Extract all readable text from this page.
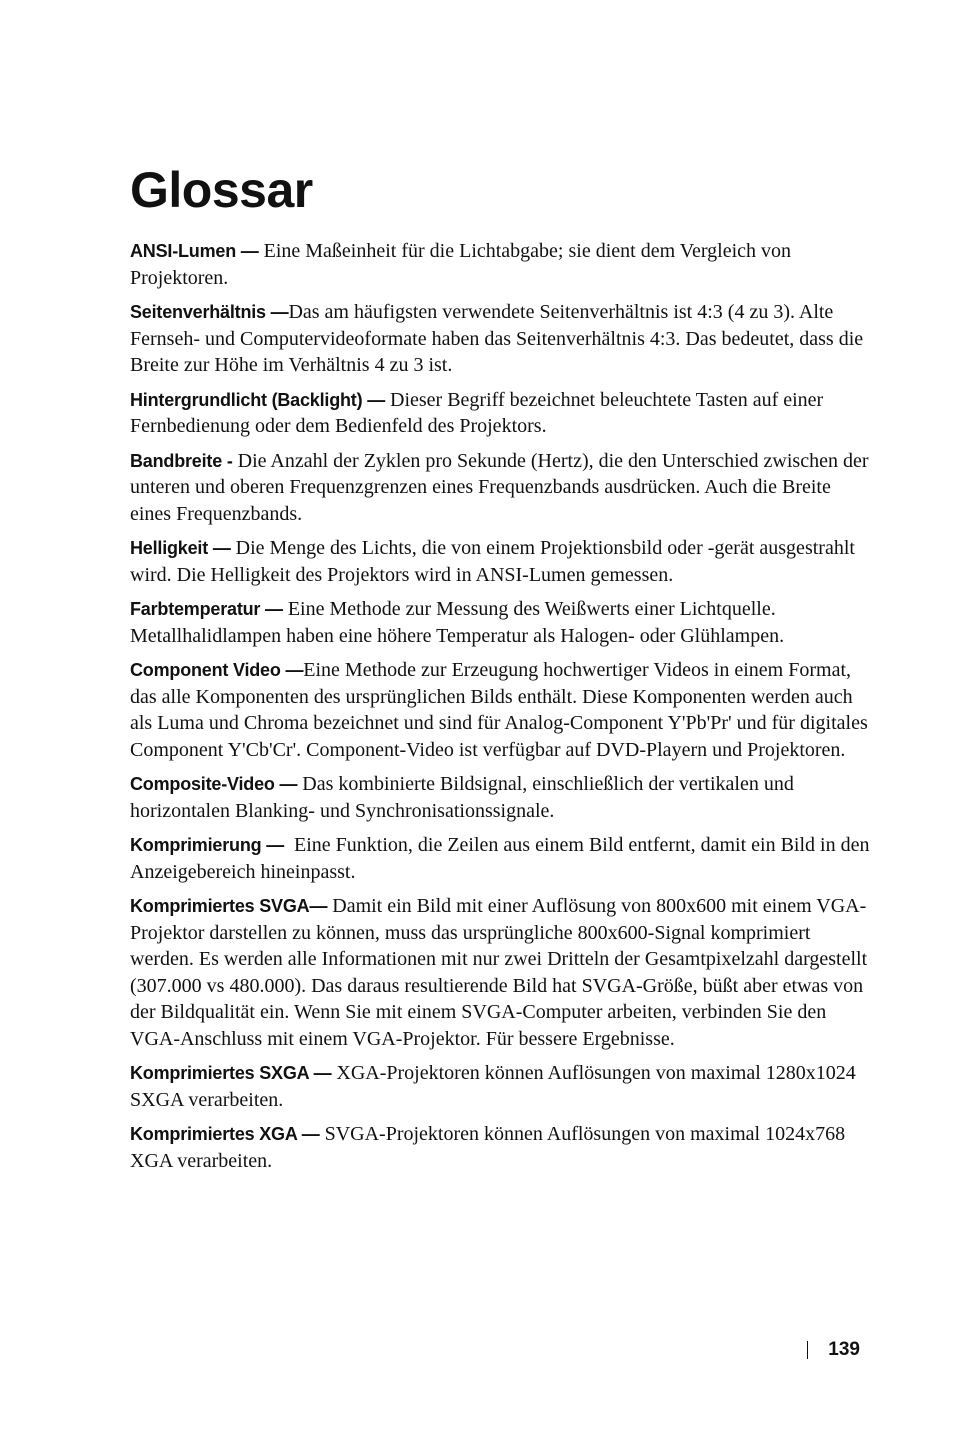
Glossar

ANSI-Lumen — Eine Maßeinheit für die Lichtabgabe; sie dient dem Vergleich von Projektoren.

Seitenverhältnis —Das am häufigsten verwendete Seitenverhältnis ist 4:3 (4 zu 3). Alte Fernseh- und Computervideoformate haben das Seitenverhältnis 4:3. Das bedeutet, dass die Breite zur Höhe im Verhältnis 4 zu 3 ist.

Hintergrundlicht (Backlight) — Dieser Begriff bezeichnet beleuchtete Tasten auf einer Fernbedienung oder dem Bedienfeld des Projektors.

Bandbreite - Die Anzahl der Zyklen pro Sekunde (Hertz), die den Unterschied zwischen der unteren und oberen Frequenzgrenzen eines Frequenzbands ausdrücken. Auch die Breite eines Frequenzbands.

Helligkeit — Die Menge des Lichts, die von einem Projektionsbild oder -gerät ausgestrahlt wird. Die Helligkeit des Projektors wird in ANSI-Lumen gemessen.

Farbtemperatur — Eine Methode zur Messung des Weißwerts einer Lichtquelle. Metallhalidlampen haben eine höhere Temperatur als Halogen- oder Glühlampen.

Component Video —Eine Methode zur Erzeugung hochwertiger Videos in einem Format, das alle Komponenten des ursprünglichen Bilds enthält. Diese Komponenten werden auch als Luma und Chroma bezeichnet und sind für Analog-Component Y'Pb'Pr' und für digitales Component Y'Cb'Cr'. Component-Video ist verfügbar auf DVD-Playern und Projektoren.

Composite-Video — Das kombinierte Bildsignal, einschließlich der vertikalen und horizontalen Blanking- und Synchronisationssignale.

Komprimierung —  Eine Funktion, die Zeilen aus einem Bild entfernt, damit ein Bild in den Anzeigebereich hineinpasst.

Komprimiertes SVGA— Damit ein Bild mit einer Auflösung von 800x600 mit einem VGA-Projektor darstellen zu können, muss das ursprüngliche 800x600-Signal komprimiert werden. Es werden alle Informationen mit nur zwei Dritteln der Gesamtpixelzahl dargestellt (307.000 vs 480.000). Das daraus resultierende Bild hat SVGA-Größe, büßt aber etwas von der Bildqualität ein. Wenn Sie mit einem SVGA-Computer arbeiten, verbinden Sie den VGA-Anschluss mit einem VGA-Projektor. Für bessere Ergebnisse.

Komprimiertes SXGA — XGA-Projektoren können Auflösungen von maximal 1280x1024 SXGA verarbeiten.

Komprimiertes XGA — SVGA-Projektoren können Auflösungen von maximal 1024x768 XGA verarbeiten.

139
